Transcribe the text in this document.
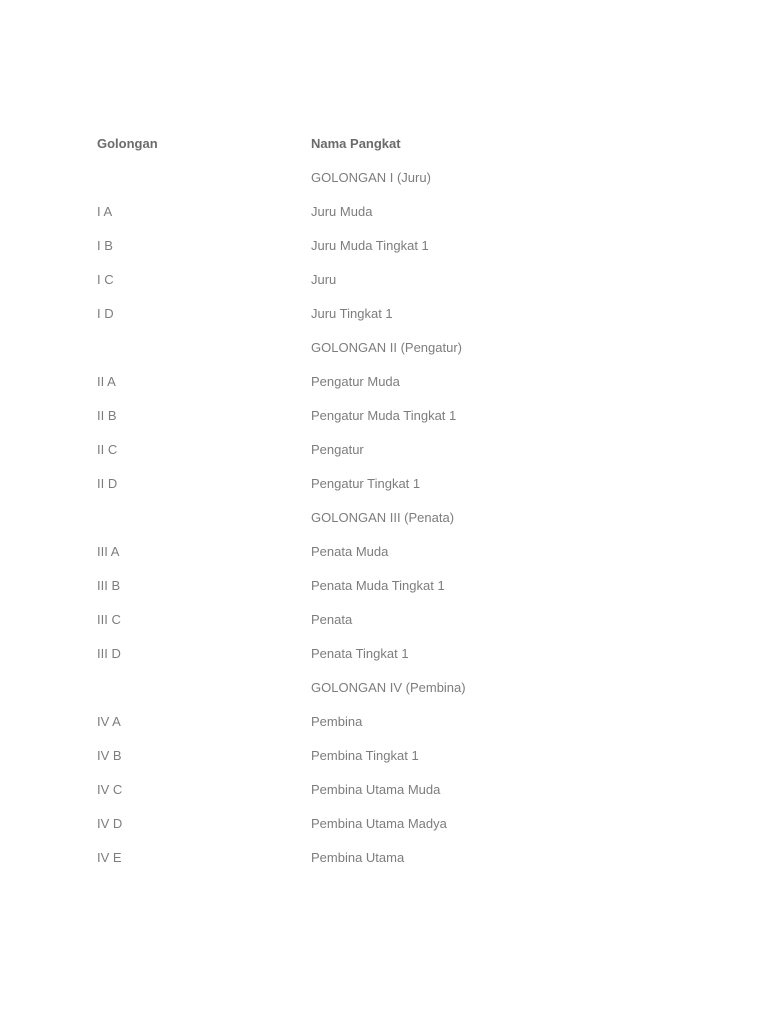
Golongan	Nama Pangkat
	GOLONGAN I (Juru)
I A	Juru Muda
I B	Juru Muda Tingkat 1
I C	Juru
I D	Juru Tingkat 1
	GOLONGAN II (Pengatur)
II A	Pengatur Muda
II B	Pengatur Muda Tingkat 1
II C	Pengatur
II D	Pengatur Tingkat 1
	GOLONGAN III (Penata)
III A	Penata Muda
III B	Penata Muda Tingkat 1
III C	Penata
III D	Penata Tingkat 1
	GOLONGAN IV (Pembina)
IV A	Pembina
IV B	Pembina Tingkat 1
IV C	Pembina Utama Muda
IV D	Pembina Utama Madya
IV E	Pembina Utama
